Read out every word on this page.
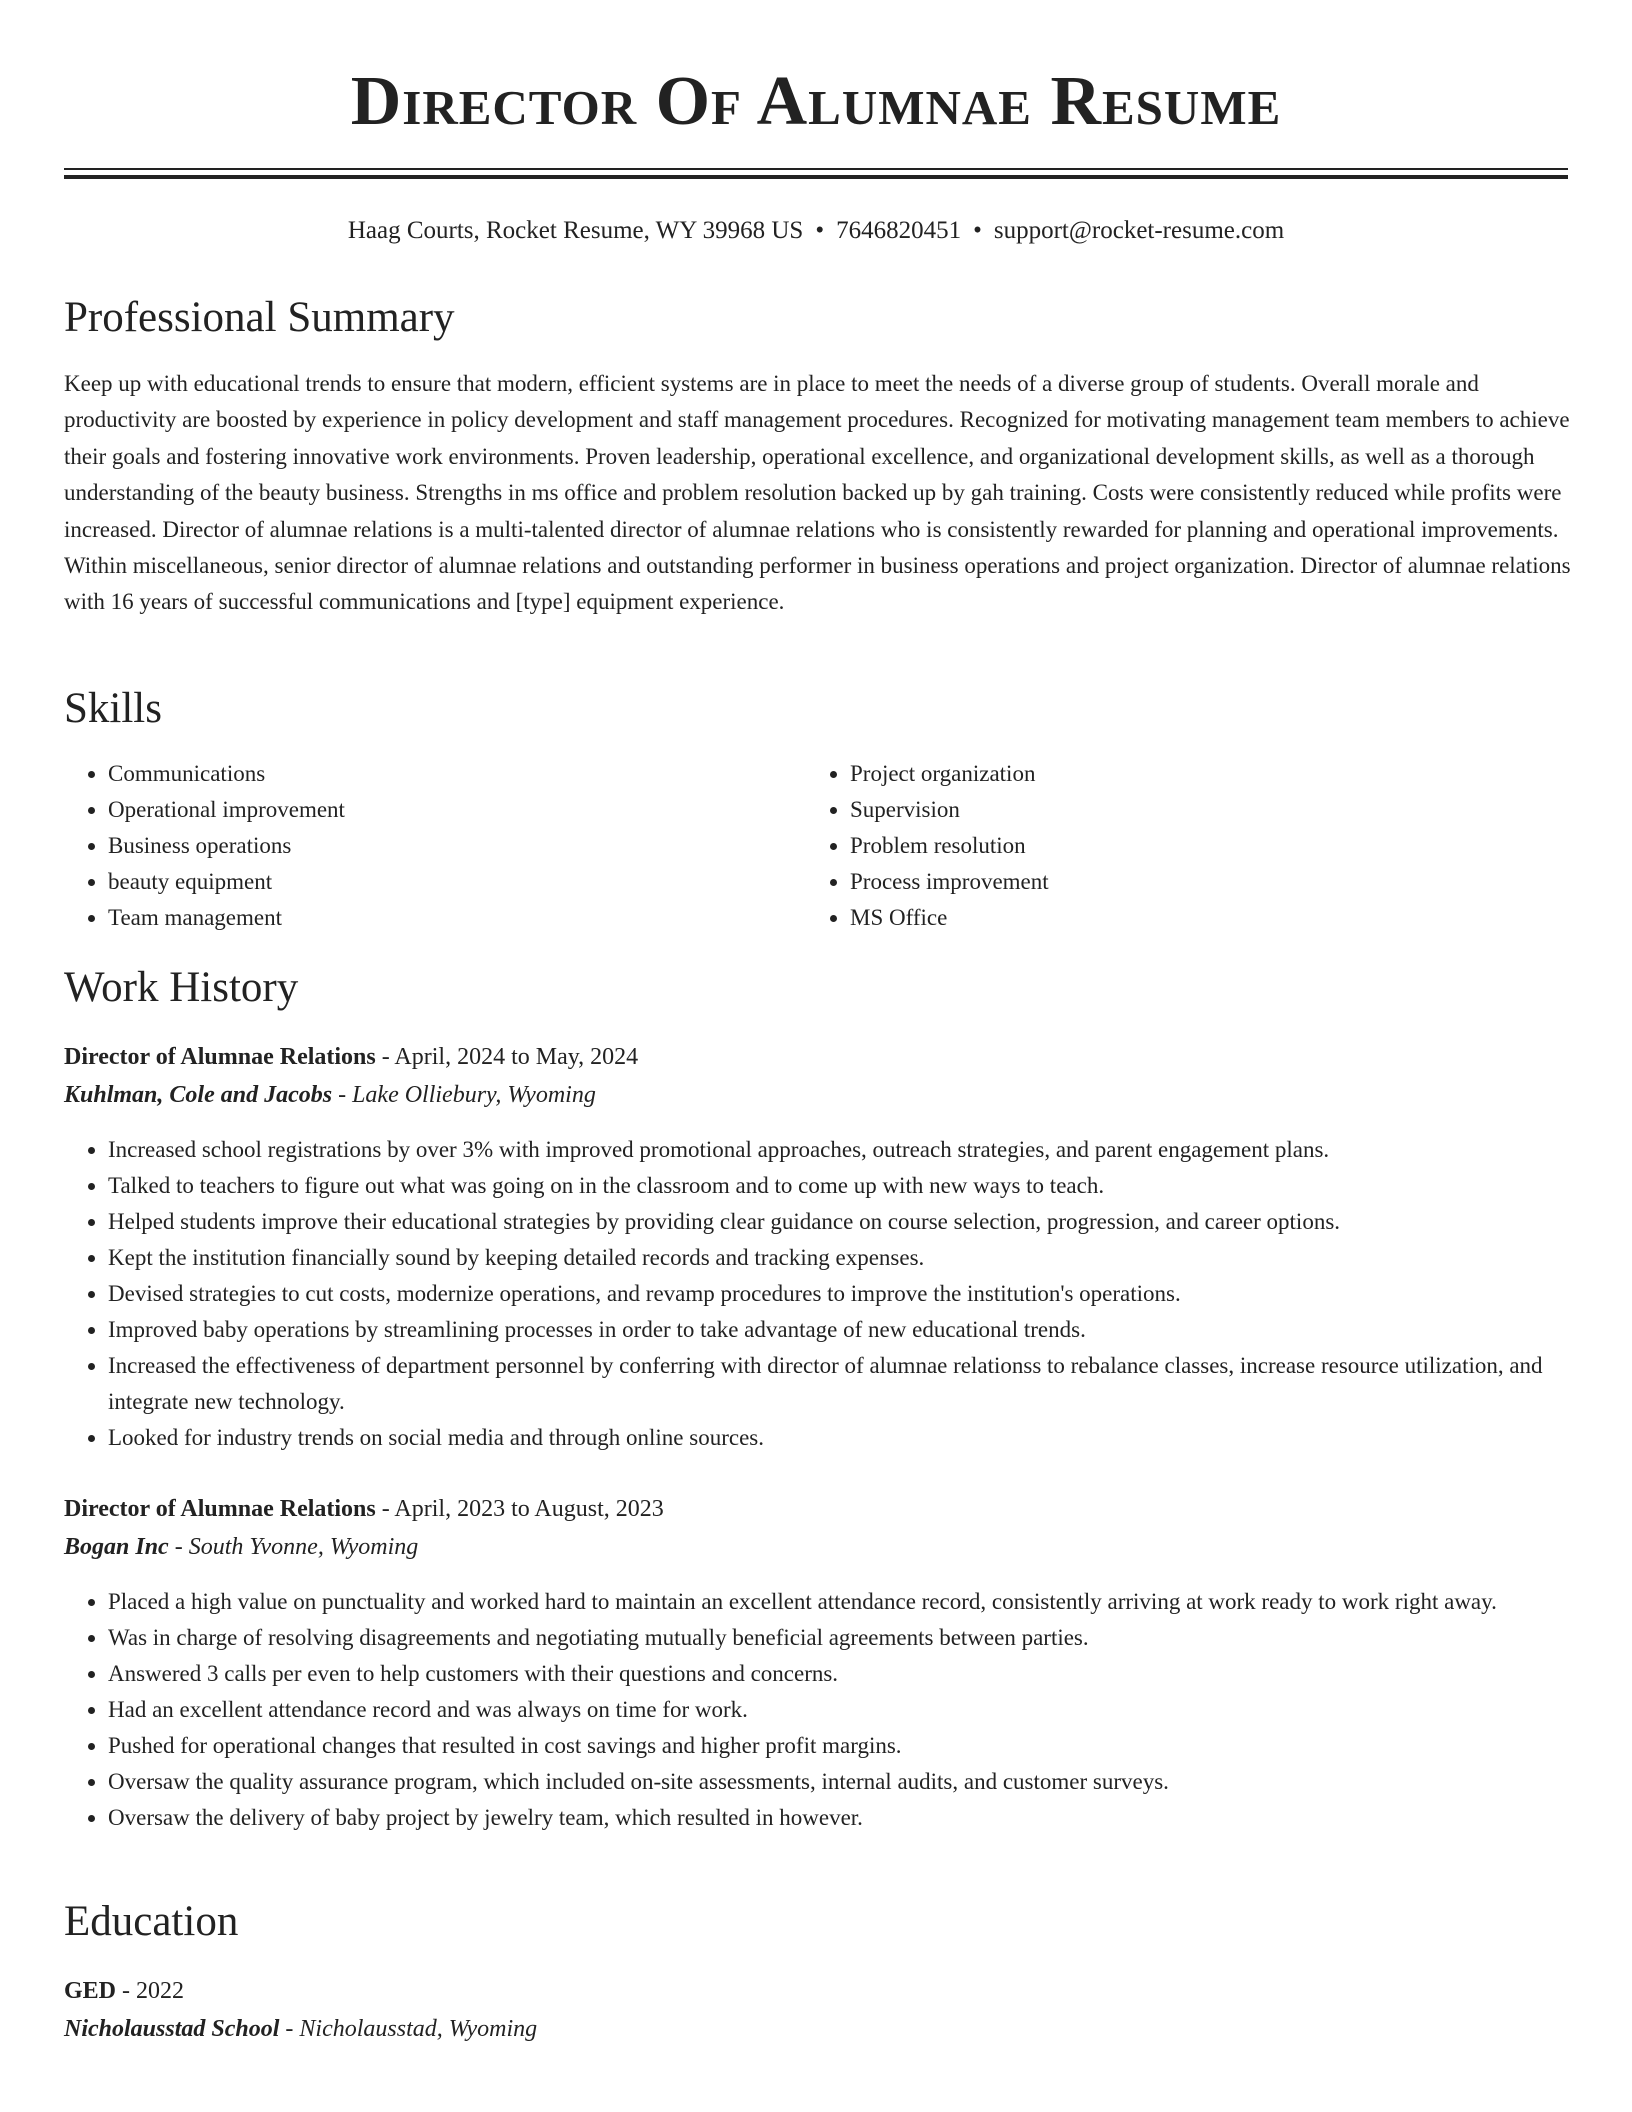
Director Of Alumnae Resume
Haag Courts, Rocket Resume, WY 39968 US • 7646820451 • support@rocket-resume.com
Professional Summary

Keep up with educational trends to ensure that modern, efficient systems are in place to meet the needs of a diverse group of students. Overall morale and productivity are boosted by experience in policy development and staff management procedures. Recognized for motivating management team members to achieve their goals and fostering innovative work environments. Proven leadership, operational excellence, and organizational development skills, as well as a thorough understanding of the beauty business. Strengths in ms office and problem resolution backed up by gah training. Costs were consistently reduced while profits were increased. Director of alumnae relations is a multi-talented director of alumnae relations who is consistently rewarded for planning and operational improvements. Within miscellaneous, senior director of alumnae relations and outstanding performer in business operations and project organization. Director of alumnae relations with 16 years of successful communications and [type] equipment experience.

Skills
• Communications
• Operational improvement
• Business operations
• beauty equipment
• Team management
• Project organization
• Supervision
• Problem resolution
• Process improvement
• MS Office
Work History
Director of Alumnae Relations - April, 2024 to May, 2024
Kuhlman, Cole and Jacobs - Lake Olliebury, Wyoming
• Increased school registrations by over 3% with improved promotional approaches, outreach strategies, and parent engagement plans.
• Talked to teachers to figure out what was going on in the classroom and to come up with new ways to teach.
• Helped students improve their educational strategies by providing clear guidance on course selection, progression, and career options.
• Kept the institution financially sound by keeping detailed records and tracking expenses.
• Devised strategies to cut costs, modernize operations, and revamp procedures to improve the institution's operations.
• Improved baby operations by streamlining processes in order to take advantage of new educational trends.
• Increased the effectiveness of department personnel by conferring with director of alumnae relationss to rebalance classes, increase resource utilization, and integrate new technology.
• Looked for industry trends on social media and through online sources.
Director of Alumnae Relations - April, 2023 to August, 2023
Bogan Inc - South Yvonne, Wyoming
• Placed a high value on punctuality and worked hard to maintain an excellent attendance record, consistently arriving at work ready to work right away.
• Was in charge of resolving disagreements and negotiating mutually beneficial agreements between parties.
• Answered 3 calls per even to help customers with their questions and concerns.
• Had an excellent attendance record and was always on time for work.
• Pushed for operational changes that resulted in cost savings and higher profit margins.
• Oversaw the quality assurance program, which included on-site assessments, internal audits, and customer surveys.
• Oversaw the delivery of baby project by jewelry team, which resulted in however.
Education
GED - 2022
Nicholausstad School - Nicholausstad, Wyoming
